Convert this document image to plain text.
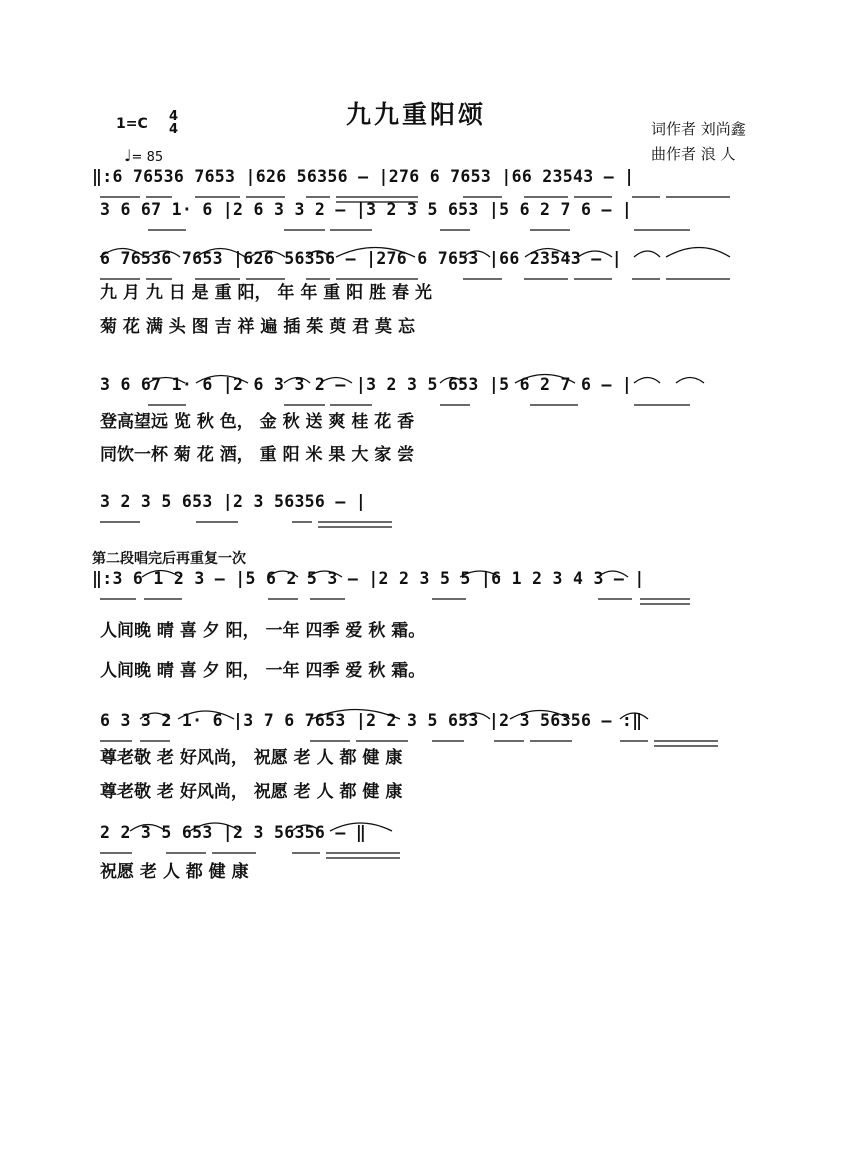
九九重阳颂
1=C 4
4
♩= 85
词作者 刘尚鑫
曲作者 浪 人
第二段唱完后再重复一次
‖:6 76536 7653 |626 56356 – |276 6 7653 |66 23543 – |
3 6 67 1· 6 |2 6 3 3 2 – |3 2 3 5 653 |5 6 2 7 6 – |
6 76536 7653 |626 56356 – |276 6 7653 |66 23543 – |
3 6 67 1· 6 |2 6 3 3 2 – |3 2 3 5 653 |5 6 2 7 6 – |
3 2 3 5 653 |2 3 56356 – |
‖:3 6 1 2 3 – |5 6 2 5 3 – |2 2 3 5 5 |6 1 2 3 4 3 – |
6 3 3 2 1· 6 |3 7 6 7653 |2 2 3 5 653 |2 3 56356 – :‖
2 2 3 5 653 |2 3 56356 – ‖
九 月 九 日 是 重 阳， 年 年 重 阳 胜 春 光
菊 花 满 头 图 吉 祥 遍 插 茱 萸 君 莫 忘
登高望远 览 秋 色， 金 秋 送 爽 桂 花 香
同饮一杯 菊 花 酒， 重 阳 米 果 大 家 尝
人间晚 晴 喜 夕 阳， 一年 四季 爱 秋 霜。
人间晚 晴 喜 夕 阳， 一年 四季 爱 秋 霜。
尊老敬 老 好风尚， 祝愿 老 人 都 健 康
尊老敬 老 好风尚， 祝愿 老 人 都 健 康
祝愿 老 人 都 健 康
